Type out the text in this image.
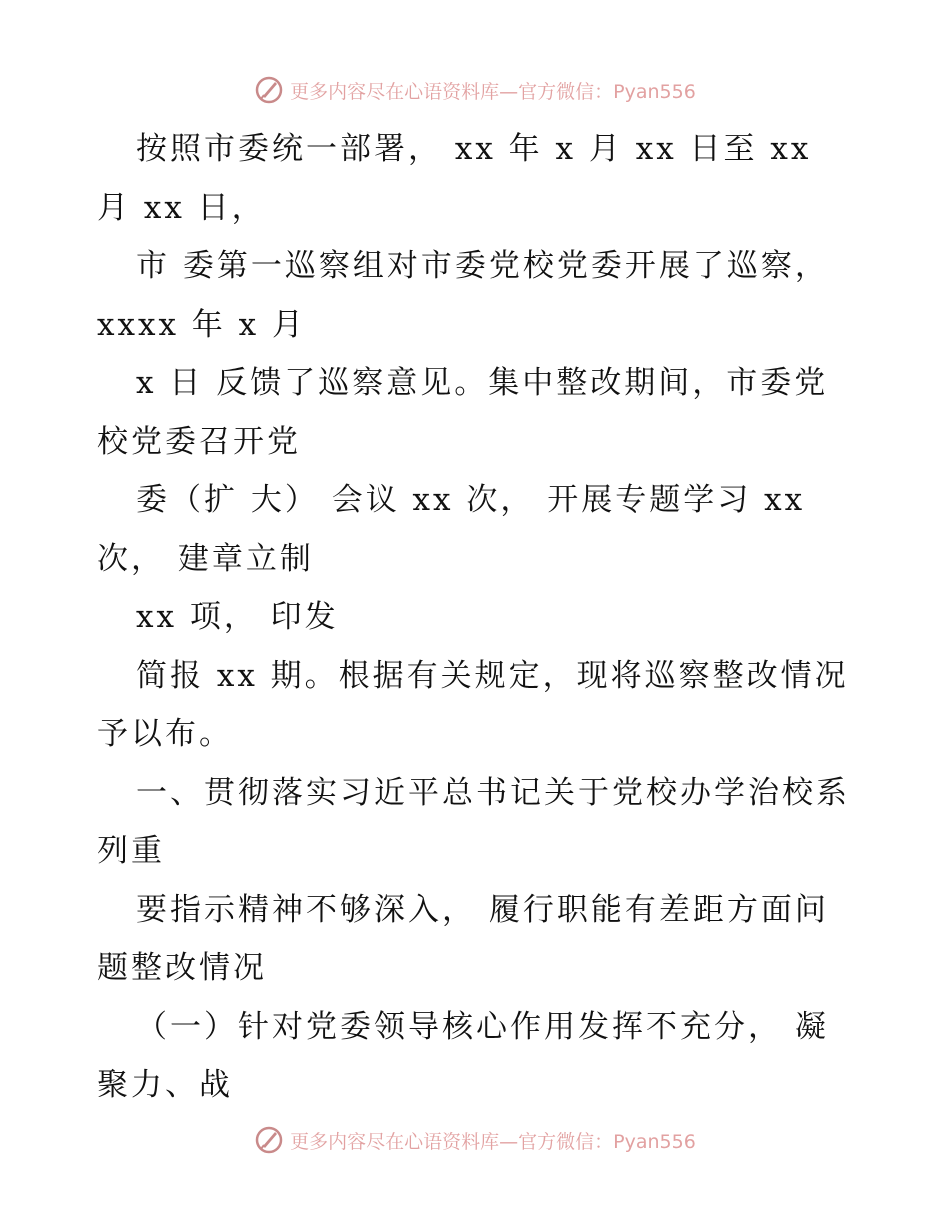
更多内容尽在心语资料库—官方微信：Pyan556
按照市委统一部署， xx 年 x 月 xx 日至 xx
月 xx 日，
市 委第一巡察组对市委党校党委开展了巡察，
xxxx 年 x 月
x 日 反馈了巡察意见。集中整改期间，市委党
校党委召开党
委（扩 大） 会议 xx 次， 开展专题学习 xx
次， 建章立制
xx 项， 印发
简报 xx 期。根据有关规定，现将巡察整改情况
予以布。
一、贯彻落实习近平总书记关于党校办学治校系
列重
要指示精神不够深入， 履行职能有差距方面问
题整改情况
（一）针对党委领导核心作用发挥不充分， 凝
聚力、战
更多内容尽在心语资料库—官方微信：Pyan556
